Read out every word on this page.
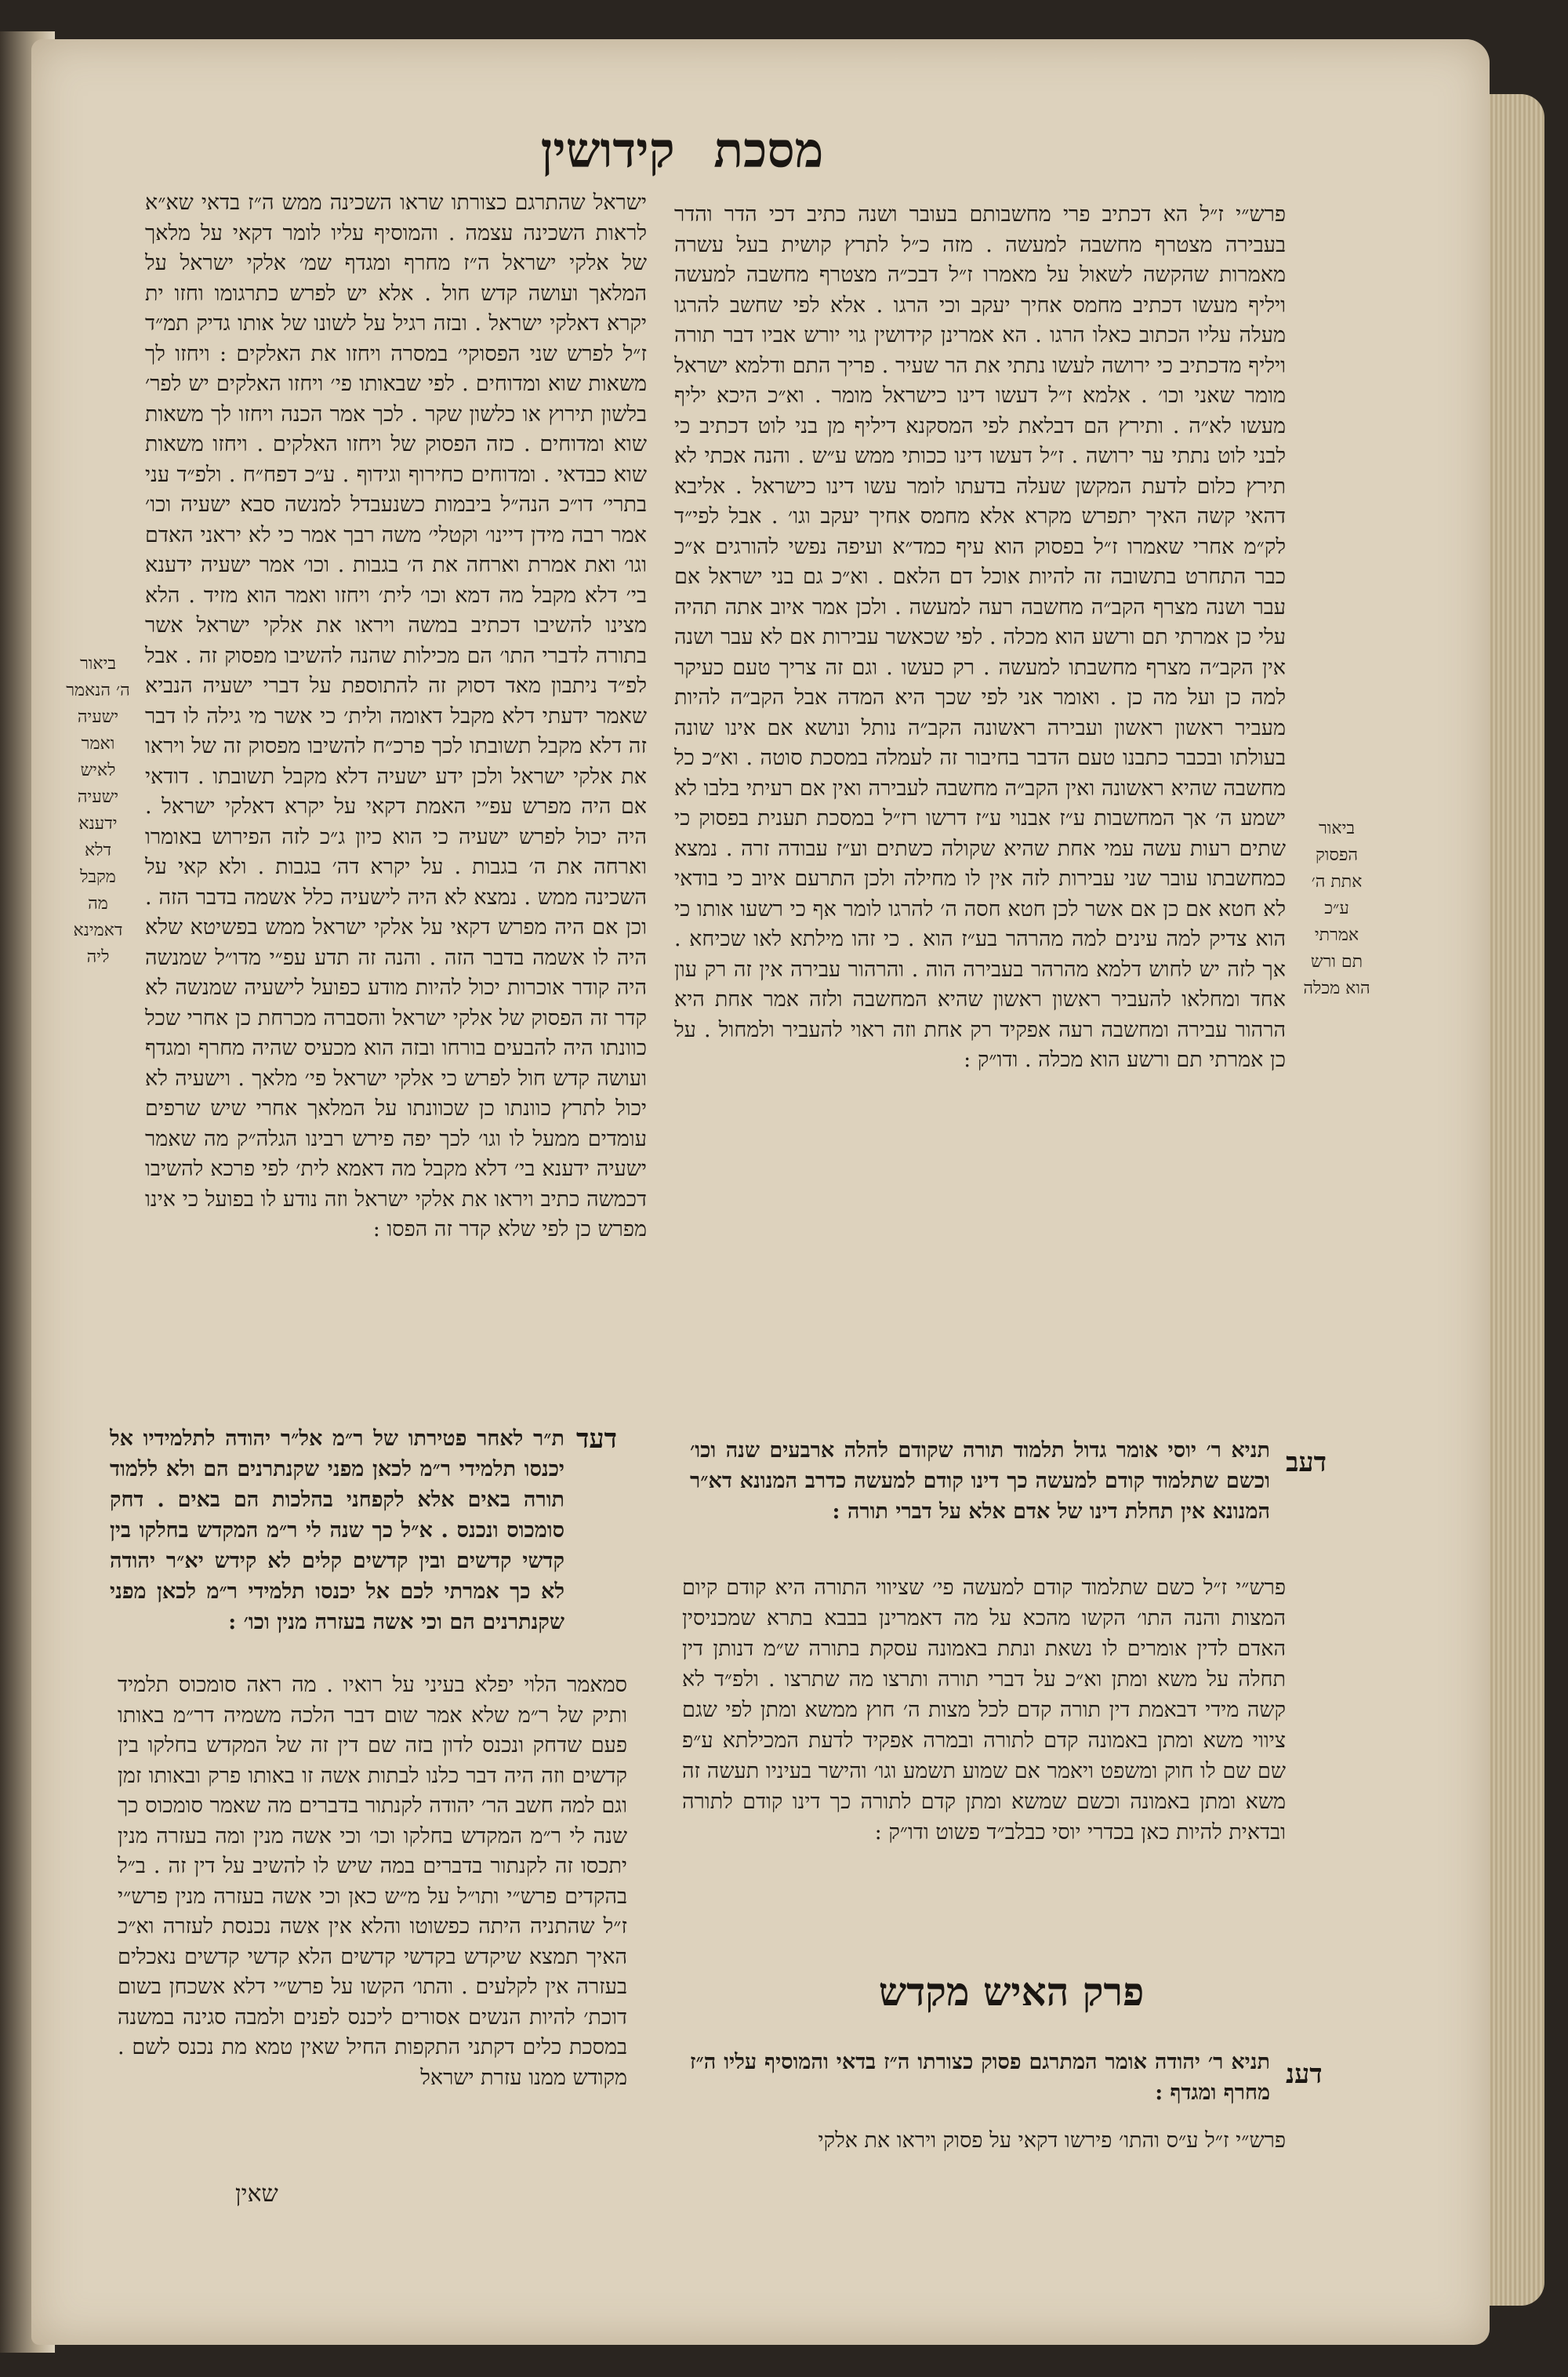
מסכת קידושין

פרש״י ז״ל הא דכתיב פרי מחשבותם בעובר ושנה כתיב דכי הדר והדר בעבירה מצטרף מחשבה למעשה . מזה כ״ל לתרץ קושית בעל עשרה מאמרות שהקשה לשאול על מאמרו ז״ל דבכ״ה מצטרף מחשבה למעשה ויליף מעשו דכתיב מחמס אחיך יעקב וכי הרגו . אלא לפי שחשב להרגו מעלה עליו הכתוב כאלו הרגו . הא אמרינן קידושין גוי יורש אביו דבר תורה ויליף מדכתיב כי ירושה לעשו נתתי את הר שעיר . פריך התם ודלמא ישראל מומר שאני וכו׳ . אלמא ז״ל דעשו דינו כישראל מומר . וא״כ היכא יליף מעשו לא״ה . ותירץ הם דבלאת לפי המסקנא דיליף מן בני לוט דכתיב כי לבני לוט נתתי ער ירושה . ז״ל דעשו דינו ככותי ממש ע״ש . והנה אכתי לא תירץ כלום לדעת המקשן שעלה בדעתו לומר עשו דינו כישראל . אליבא דהאי קשה האיך יתפרש מקרא אלא מחמס אחיך יעקב וגו׳ . אבל לפי״ד לק״מ אחרי שאמרו ז״ל בפסוק הוא עיף כמד״א ועיפה נפשי להורגים א״כ כבר התחרט בתשובה זה להיות אוכל דם הלאם . וא״כ גם בני ישראל אם עבר ושנה מצרף הקב״ה מחשבה רעה למעשה . ולכן אמר איוב אתה תהיה עלי כן אמרתי תם ורשע הוא מכלה . לפי שכאשר עבירות אם לא עבר ושנה אין הקב״ה מצרף מחשבתו למעשה . רק כעשו . וגם זה צריך טעם כעיקר למה כן ועל מה כן . ואומר אני לפי שכך היא המדה אבל הקב״ה להיות מעביר ראשון ראשון ועבירה ראשונה הקב״ה נותל ונושא אם אינו שונה בעולתו ובכבר כתבנו טעם הדבר בחיבור זה לעמלה במסכת סוטה . וא״כ כל מחשבה שהיא ראשונה ואין הקב״ה מחשבה לעבירה ואין אם רעיתי בלבו לא ישמע ה׳ אך המחשבות ע״ז אבנוי ע״ז דרשו רז״ל במסכת תענית בפסוק כי שתים רעות עשה עמי אחת שהיא שקולה כשתים וע״ז עבודה זרה . נמצא כמחשבתו עובר שני עבירות לזה אין לו מחילה ולכן התרעם איוב כי בודאי לא חטא אם כן אם אשר לכן חטא חסה ה׳ להרגו לומר אף כי רשעו אותו כי הוא צדיק למה עינים למה מהרהר בע״ז הוא . כי זהו מילתא לאו שכיחא . אך לזה יש לחוש דלמא מהרהר בעבירה הוה . והרהור עבירה אין זה רק עון אחד ומחלאו להעביר ראשון ראשון שהיא המחשבה ולזה אמר אחת היא הרהור עבירה ומחשבה רעה אפקיד רק אחת וזה ראוי להעביר ולמחול . על כן אמרתי תם ורשע הוא מכלה . ודו״ק :

ישראל שהתרגם כצורתו שראו השכינה ממש ה״ז בדאי שא״א לראות השכינה עצמה . והמוסיף עליו לומר דקאי על מלאך של אלקי ישראל ה״ז מחרף ומגדף שמ׳ אלקי ישראל על המלאך ועושה קדש חול . אלא יש לפרש כתרגומו וחזו ית יקרא דאלקי ישראל . ובזה רגיל על לשונו של אותו גדיק תמ״ד ז״ל לפרש שני הפסוקי׳ במסרה ויחזו את האלקים : ויחזו לך משאות שוא ומדוחים . לפי שבאותו פי׳ ויחזו האלקים יש לפר׳ בלשון תירוץ או כלשון שקר . לכך אמר הכנה ויחזו לך משאות שוא ומדוחים . כזה הפסוק של ויחזו האלקים . ויחזו משאות שוא כבדאי . ומדוחים כחירוף וגידוף . ע״כ דפח״ח . ולפ״ד עני בתרי׳ דו״כ הנה״ל ביבמות כשנעבדל למנשה סבא ישעיה וכו׳ אמר רבה מידן דיינו׳ וקטלי׳ משה רבך אמר כי לא יראני האדם וגו׳ ואת אמרת וארחה את ה׳ בגבות . וכו׳ אמר ישעיה ידענא בי׳ דלא מקבל מה דמא וכו׳ לית׳ ויחזו ואמר הוא מזיד . הלא מצינו להשיבו דכתיב במשה ויראו את אלקי ישראל אשר בתורה לדברי התו׳ הם מכילות שהנה להשיבו מפסוק זה . אבל לפ״ד ניתבון מאד דסוק זה להתוספת על דברי ישעיה הנביא שאמר ידעתי דלא מקבל דאומה ולית׳ כי אשר מי גילה לו דבר זה דלא מקבל תשובתו לכך פרכ״ח להשיבו מפסוק זה של ויראו את אלקי ישראל ולכן ידע ישעיה דלא מקבל תשובתו . דודאי אם היה מפרש עפ״י האמת דקאי על יקרא דאלקי ישראל . היה יכול לפרש ישעיה כי הוא כיון ג״כ לזה הפירוש באומרו וארחה את ה׳ בגבות . על יקרא דה׳ בגבות . ולא קאי על השכינה ממש . נמצא לא היה לישעיה כלל אשמה בדבר הזה . וכן אם היה מפרש דקאי על אלקי ישראל ממש בפשיטא שלא היה לו אשמה בדבר הזה . והנה זה תדע עפ״י מדו״ל שמנשה היה קודר אוכרות יכול להיות מודע כפועל לישעיה שמנשה לא קדר זה הפסוק של אלקי ישראל והסברה מכרחת כן אחרי שכל כוונתו היה להבעים בורחו ובזה הוא מכעיס שהיה מחרף ומגדף ועושה קדש חול לפרש כי אלקי ישראל פי׳ מלאך . וישעיה לא יכול לתרץ כוונתו כן שכוונתו על המלאך אחרי שיש שרפים עומדים ממעל לו וגו׳ לכך יפה פירש רבינו הגלה״ק מה שאמר ישעיה ידענא בי׳ דלא מקבל מה דאמא לית׳ לפי פרכא להשיבו דכמשה כתיב ויראו את אלקי ישראל וזה נודע לו בפועל כי אינו מפרש כן לפי שלא קדר זה הפסו :

ביאור
ה׳ הנאמר
ישעיה
ואמר
לאיש
ישעיה
ידענא
דלא
מקבל
מה
דאמינא
ליה
ביאור
הפסוק
אתת ה׳
ע״כ
אמרתי
תם ורש
הוא מכלה
דעב
תניא ר׳ יוסי אומר גדול תלמוד תורה שקודם להלה ארבעים שנה וכו׳ וכשם שתלמוד קודם למעשה כך דינו קודם למעשה כדרב המנונא דא״ר המנונא אין תחלת דינו של אדם אלא על דברי תורה :
פרש״י ז״ל כשם שתלמוד קודם למעשה פי׳ שציווי התורה היא קודם קיום המצות והנה התו׳ הקשו מהכא על מה דאמרינן בבבא בתרא שמכניסין האדם לדין אומרים לו נשאת ונתת באמונה עסקת בתורה ש״מ דנותן דין תחלה על משא ומתן וא״כ על דברי תורה ותרצו מה שתרצו . ולפ״ד לא קשה מידי דבאמת דין תורה קדם לכל מצות ה׳ חוץ ממשא ומתן לפי שגם ציווי משא ומתן באמונה קדם לתורה ובמרה אפקיד לדעת המכילתא ע״פ שם שם לו חוק ומשפט ויאמר אם שמוע תשמע וגו׳ והישר בעיניו תעשה זה משא ומתן באמונה וכשם שמשא ומתן קדם לתורה כך דינו קודם לתורה ובדאית להיות כאן בכדרי יוסי כבלב״ד פשוט ודו״ק :
פרק האיש מקדש
דענ
תניא ר׳ יהודה אומר המתרגם פסוק כצורתו ה״ז בדאי והמוסיף עליו ה״ז מחרף ומגדף :
פרש״י ז״ל ע״ס והתו׳ פירשו דקאי על פסוק ויראו את אלקי
דעד
ת״ר לאחר פטירתו של ר״מ אל״ר יהודה לתלמידיו אל יכנסו תלמידי ר״מ לכאן מפני שקנתרנים הם ולא ללמוד תורה באים אלא לקפחני בהלכות הם באים . דחק סומכוס ונכנס . א״ל כך שנה לי ר״מ המקדש בחלקו בין קדשי קדשים ובין קדשים קלים לא קידש יא״ר יהודה לא כך אמרתי לכם אל יכנסו תלמידי ר״מ לכאן מפני שקנתרנים הם וכי אשה בעזרה מנין וכו׳ :

סמאמר הלוי יפלא בעיני על רואיו . מה ראה סומכוס תלמיד ותיק של ר״מ שלא אמר שום דבר הלכה משמיה דר״מ באותו פעם שדחק ונכנס לדון בזה שם דין זה של המקדש בחלקו בין קדשים וזה היה דבר כלנו לבתות אשה זו באותו פרק ובאותו זמן וגם למה חשב הר׳ יהודה לקנתור בדברים מה שאמר סומכוס כך שנה לי ר״מ המקדש בחלקו וכו׳ וכי אשה מנין ומה בעזרה מנין יתכסו זה לקנתור בדברים במה שיש לו להשיב על דין זה . ב״ל בהקדים פרש״י ותו״ל על מ״ש כאן וכי אשה בעזרה מנין פרש״י ז״ל שהתניה היתה כפשוטו והלא אין אשה נכנסת לעזרה וא״כ האיך תמצא שיקדש בקדשי קדשים הלא קדשי קדשים נאכלים בעזרה אין לקלעים . והתו׳ הקשו על פרש״י דלא אשכחן בשום דוכת׳ להיות הנשים אסורים ליכנס לפנים ולמבה סגינה במשנה במסכת כלים דקתני התקפות החיל שאין טמא מת נכנס לשם . מקודש ממנו עזרת ישראל

שאין
